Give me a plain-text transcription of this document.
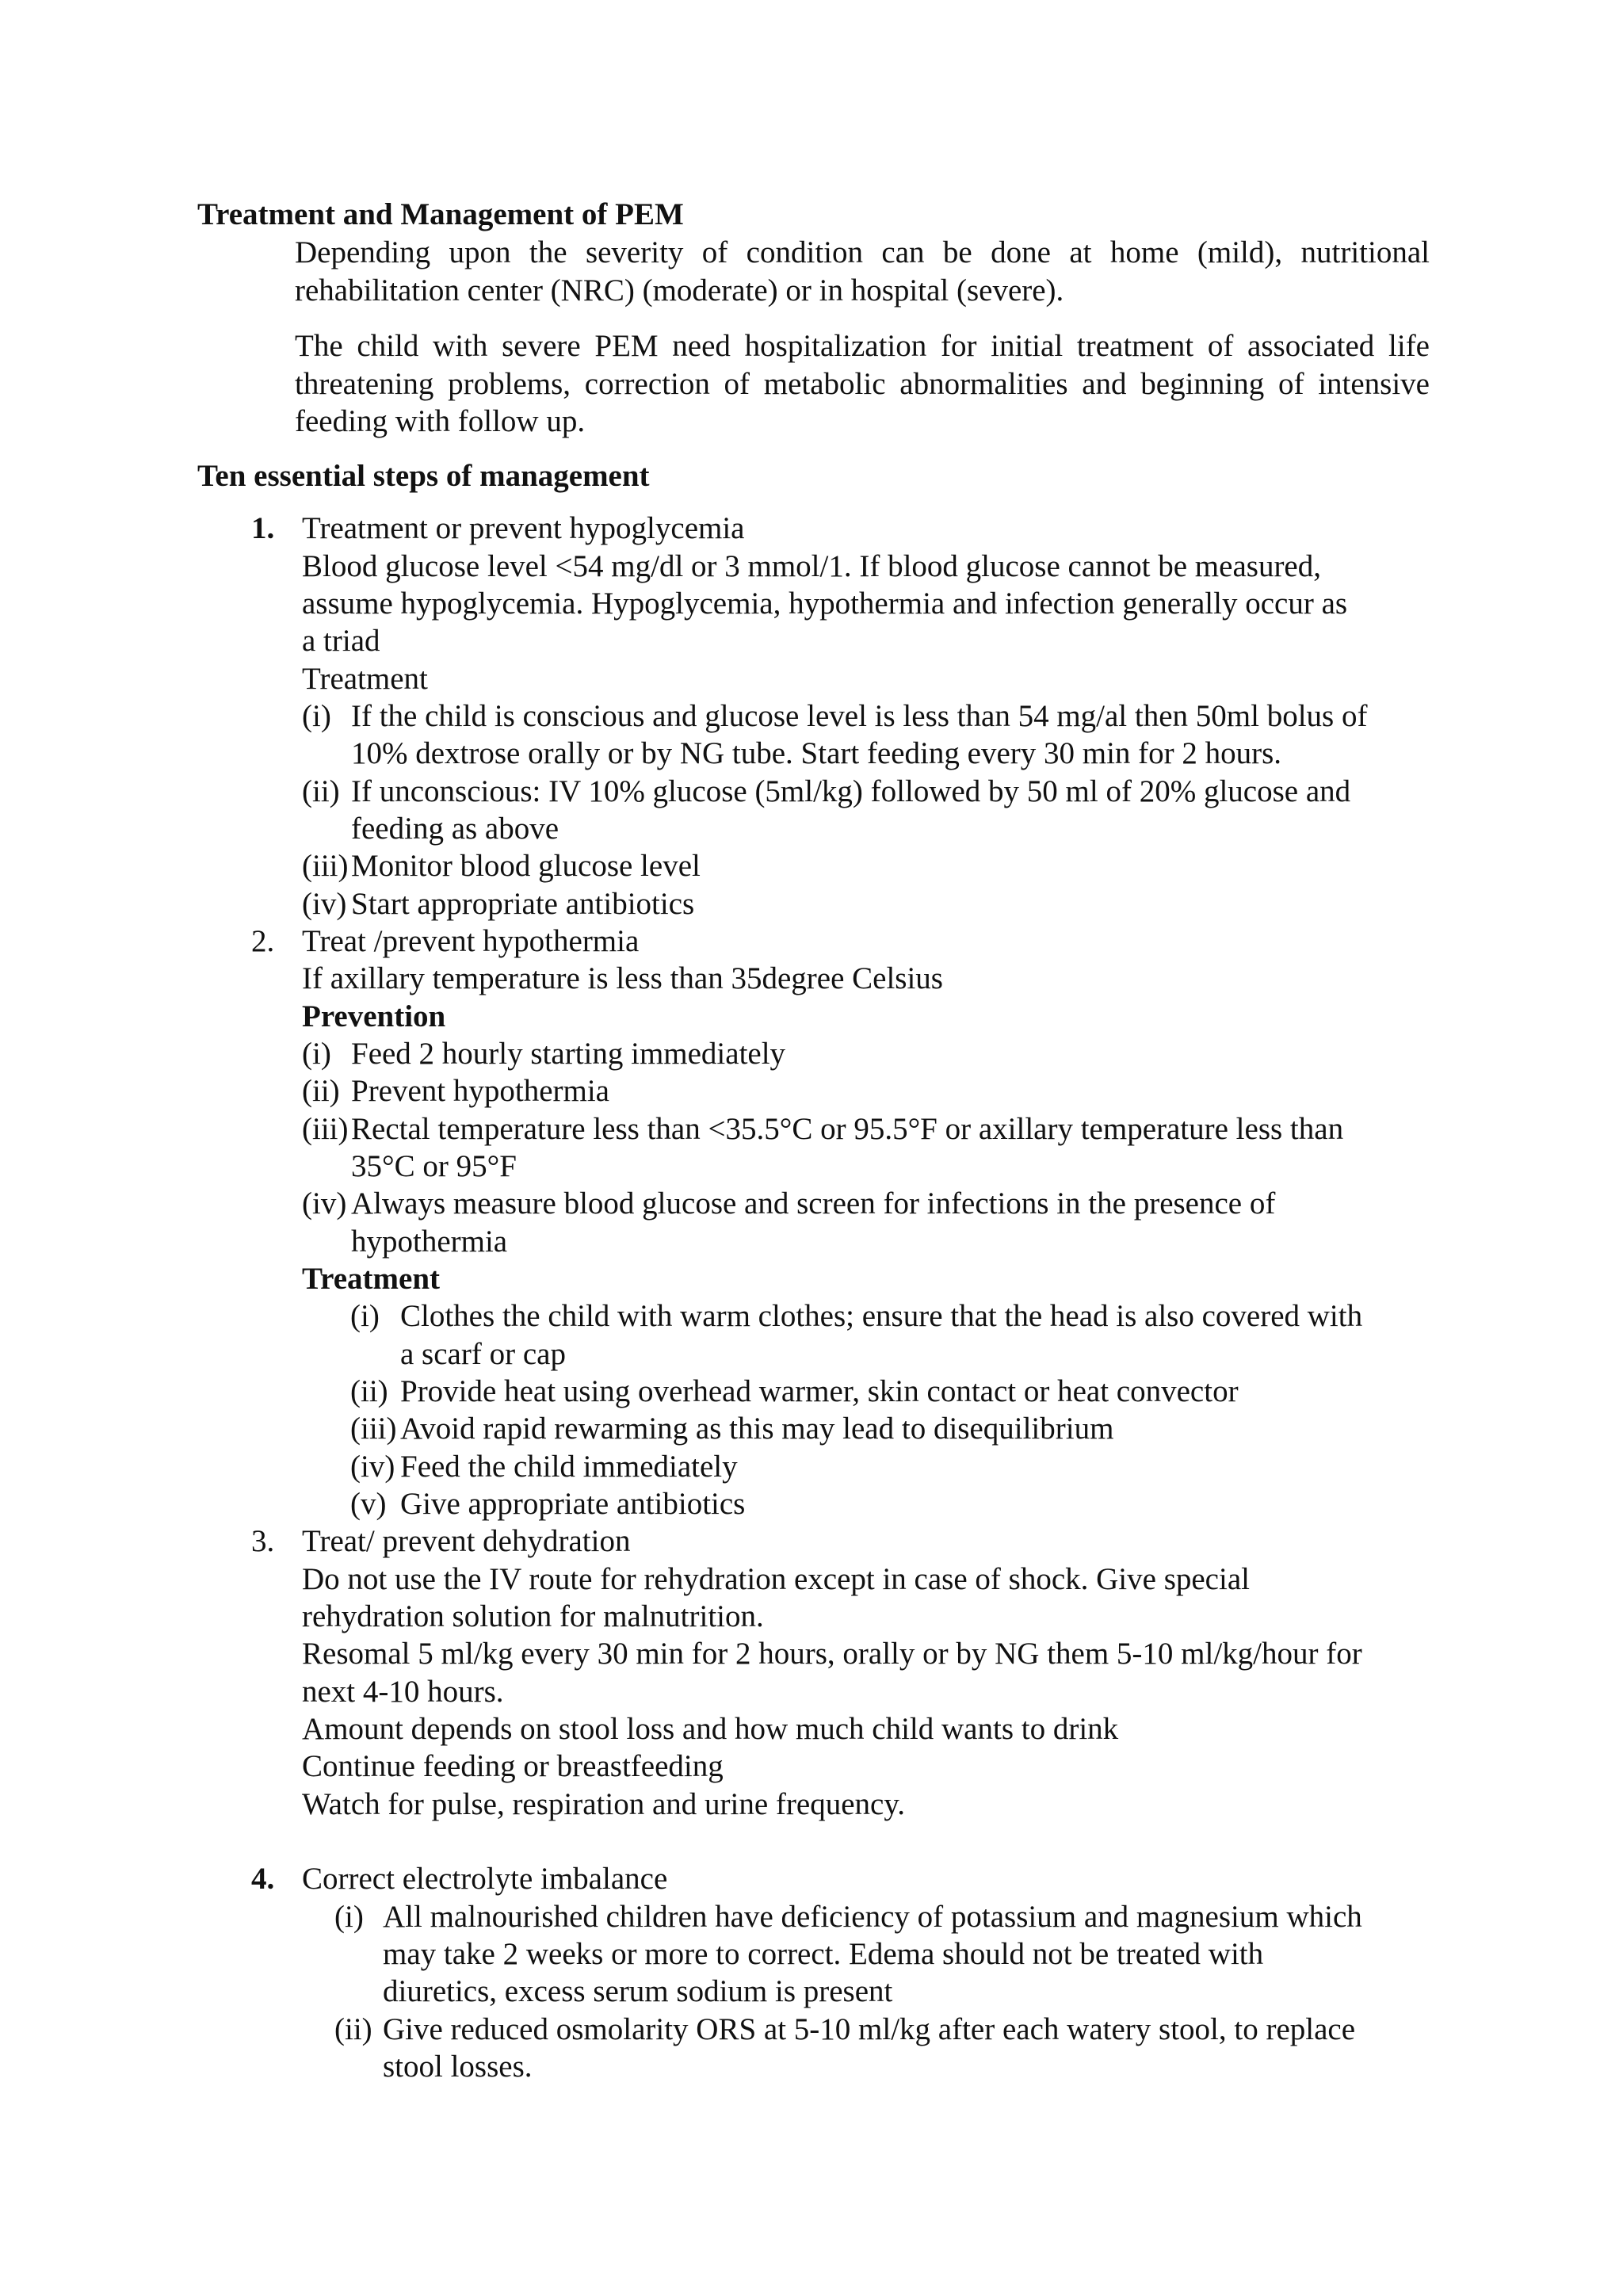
Treatment and Management of PEM

Depending upon the severity of condition can be done at home (mild), nutritional rehabilitation center (NRC) (moderate) or in hospital (severe).

The child with severe PEM need hospitalization for initial treatment of associated life threatening problems, correction of metabolic abnormalities and beginning of intensive feeding with follow up.

Ten essential steps of management
1. Treatment or prevent hypoglycemia
Blood glucose level <54 mg/dl or 3 mmol/1. If blood glucose cannot be measured,
assume hypoglycemia. Hypoglycemia, hypothermia and infection generally occur as
a triad
Treatment
(i) If the child is conscious and glucose level is less than 54 mg/al then 50ml bolus of
10% dextrose orally or by NG tube. Start feeding every 30 min for 2 hours.
(ii) If unconscious: IV 10% glucose (5ml/kg) followed by 50 ml of 20% glucose and
feeding as above
(iii) Monitor blood glucose level
(iv) Start appropriate antibiotics
2. Treat /prevent hypothermia
If axillary temperature is less than 35degree Celsius
Prevention
(i) Feed 2 hourly starting immediately
(ii) Prevent hypothermia
(iii) Rectal temperature less than <35.5°C or 95.5°F or axillary temperature less than
35°C or 95°F
(iv) Always measure blood glucose and screen for infections in the presence of
hypothermia
Treatment
(i) Clothes the child with warm clothes; ensure that the head is also covered with
a scarf or cap
(ii) Provide heat using overhead warmer, skin contact or heat convector
(iii) Avoid rapid rewarming as this may lead to disequilibrium
(iv) Feed the child immediately
(v) Give appropriate antibiotics
3. Treat/ prevent dehydration
Do not use the IV route for rehydration except in case of shock. Give special
rehydration solution for malnutrition.
Resomal 5 ml/kg every 30 min for 2 hours, orally or by NG them 5-10 ml/kg/hour for
next 4-10 hours.
Amount depends on stool loss and how much child wants to drink
Continue feeding or breastfeeding
Watch for pulse, respiration and urine frequency.
4. Correct electrolyte imbalance
(i) All malnourished children have deficiency of potassium and magnesium which
may take 2 weeks or more to correct. Edema should not be treated with
diuretics, excess serum sodium is present
(ii) Give reduced osmolarity ORS at 5-10 ml/kg after each watery stool, to replace
stool losses.
